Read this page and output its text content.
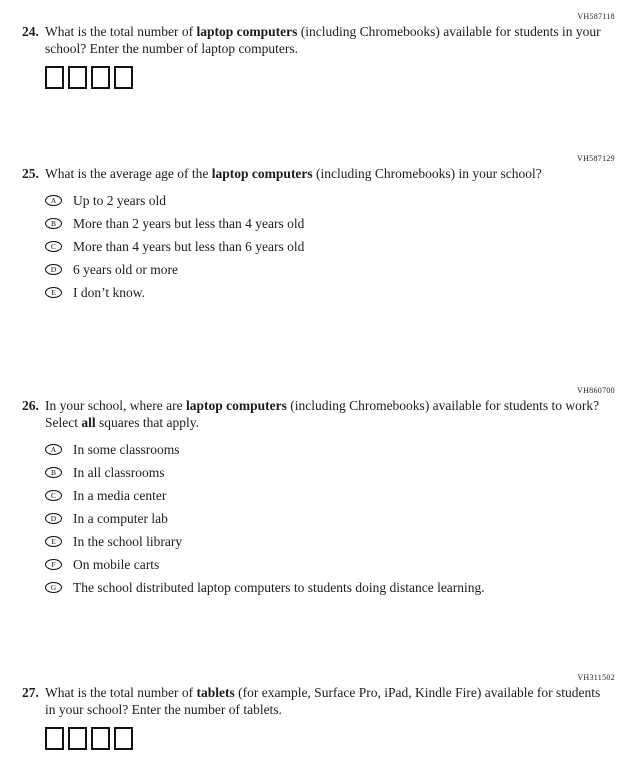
VH587118
24. What is the total number of laptop computers (including Chromebooks) available for students in your school? Enter the number of laptop computers.

VH587129
25. What is the average age of the laptop computers (including Chromebooks) in your school?

A Up to 2 years old
B More than 2 years but less than 4 years old
C More than 4 years but less than 6 years old
D 6 years old or more
E I don’t know.
VH860700
26. In your school, where are laptop computers (including Chromebooks) available for students to work? Select all squares that apply.

A In some classrooms
B In all classrooms
C In a media center
D In a computer lab
E In the school library
F On mobile carts
G The school distributed laptop computers to students doing distance learning.
VH311502
27. What is the total number of tablets (for example, Surface Pro, iPad, Kindle Fire) available for students in your school? Enter the number of tablets.
